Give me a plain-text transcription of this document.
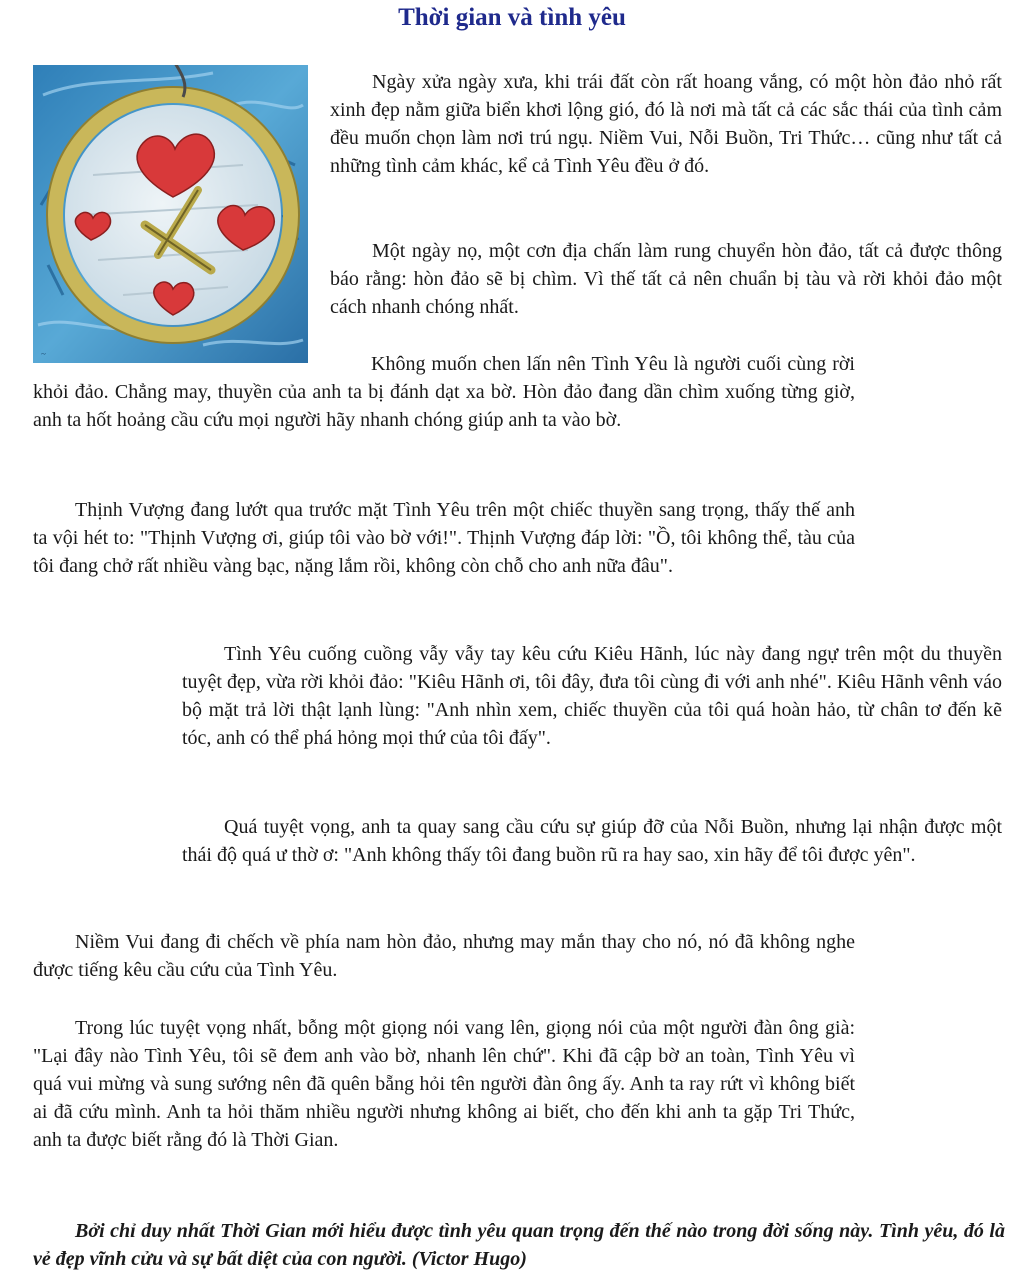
Thời gian và tình yêu
~

Ngày xửa ngày xưa, khi trái đất còn rất hoang vắng, có một hòn đảo nhỏ rất xinh đẹp nằm giữa biển khơi lộng gió, đó là nơi mà tất cả các sắc thái của tình cảm đều muốn chọn làm nơi trú ngụ. Niềm Vui, Nỗi Buồn, Tri Thức… cũng như tất cả những tình cảm khác, kể cả Tình Yêu đều ở đó.

Một ngày nọ, một cơn địa chấn làm rung chuyển hòn đảo, tất cả được thông báo rằng: hòn đảo sẽ bị chìm. Vì thế tất cả nên chuẩn bị tàu và rời khỏi đảo một cách nhanh chóng nhất.

Không muốn chen lấn nên Tình Yêu là người cuối cùng rời khỏi đảo. Chẳng may, thuyền của anh ta bị đánh dạt xa bờ. Hòn đảo đang dần chìm xuống từng giờ, anh ta hốt hoảng cầu cứu mọi người hãy nhanh chóng giúp anh ta vào bờ.

Thịnh Vượng đang lướt qua trước mặt Tình Yêu trên một chiếc thuyền sang trọng, thấy thế anh ta vội hét to: "Thịnh Vượng ơi, giúp tôi vào bờ với!". Thịnh Vượng đáp lời: "Ồ, tôi không thể, tàu của tôi đang chở rất nhiều vàng bạc, nặng lắm rồi, không còn chỗ cho anh nữa đâu".

Tình Yêu cuống cuồng vẫy vẫy tay kêu cứu Kiêu Hãnh, lúc này đang ngự trên một du thuyền tuyệt đẹp, vừa rời khỏi đảo: "Kiêu Hãnh ơi, tôi đây, đưa tôi cùng đi với anh nhé". Kiêu Hãnh vênh váo bộ mặt trả lời thật lạnh lùng: "Anh nhìn xem, chiếc thuyền của tôi quá hoàn hảo, từ chân tơ đến kẽ tóc, anh có thể phá hỏng mọi thứ của tôi đấy".

Quá tuyệt vọng, anh ta quay sang cầu cứu sự giúp đỡ của Nỗi Buồn, nhưng lại nhận được một thái độ quá ư thờ ơ: "Anh không thấy tôi đang buồn rũ ra hay sao, xin hãy để tôi được yên".

Niềm Vui đang đi chếch về phía nam hòn đảo, nhưng may mắn thay cho nó, nó đã không nghe được tiếng kêu cầu cứu của Tình Yêu.

Trong lúc tuyệt vọng nhất, bỗng một giọng nói vang lên, giọng nói của một người đàn ông già: "Lại đây nào Tình Yêu, tôi sẽ đem anh vào bờ, nhanh lên chứ". Khi đã cập bờ an toàn, Tình Yêu vì quá vui mừng và sung sướng nên đã quên bẵng hỏi tên người đàn ông ấy. Anh ta ray rứt vì không biết ai đã cứu mình. Anh ta hỏi thăm nhiều người nhưng không ai biết, cho đến khi anh ta gặp Tri Thức, anh ta được biết rằng đó là Thời Gian.

Bởi chỉ duy nhất Thời Gian mới hiểu được tình yêu quan trọng đến thế nào trong đời sống này. Tình yêu, đó là vẻ đẹp vĩnh cửu và sự bất diệt của con người. (Victor Hugo)
